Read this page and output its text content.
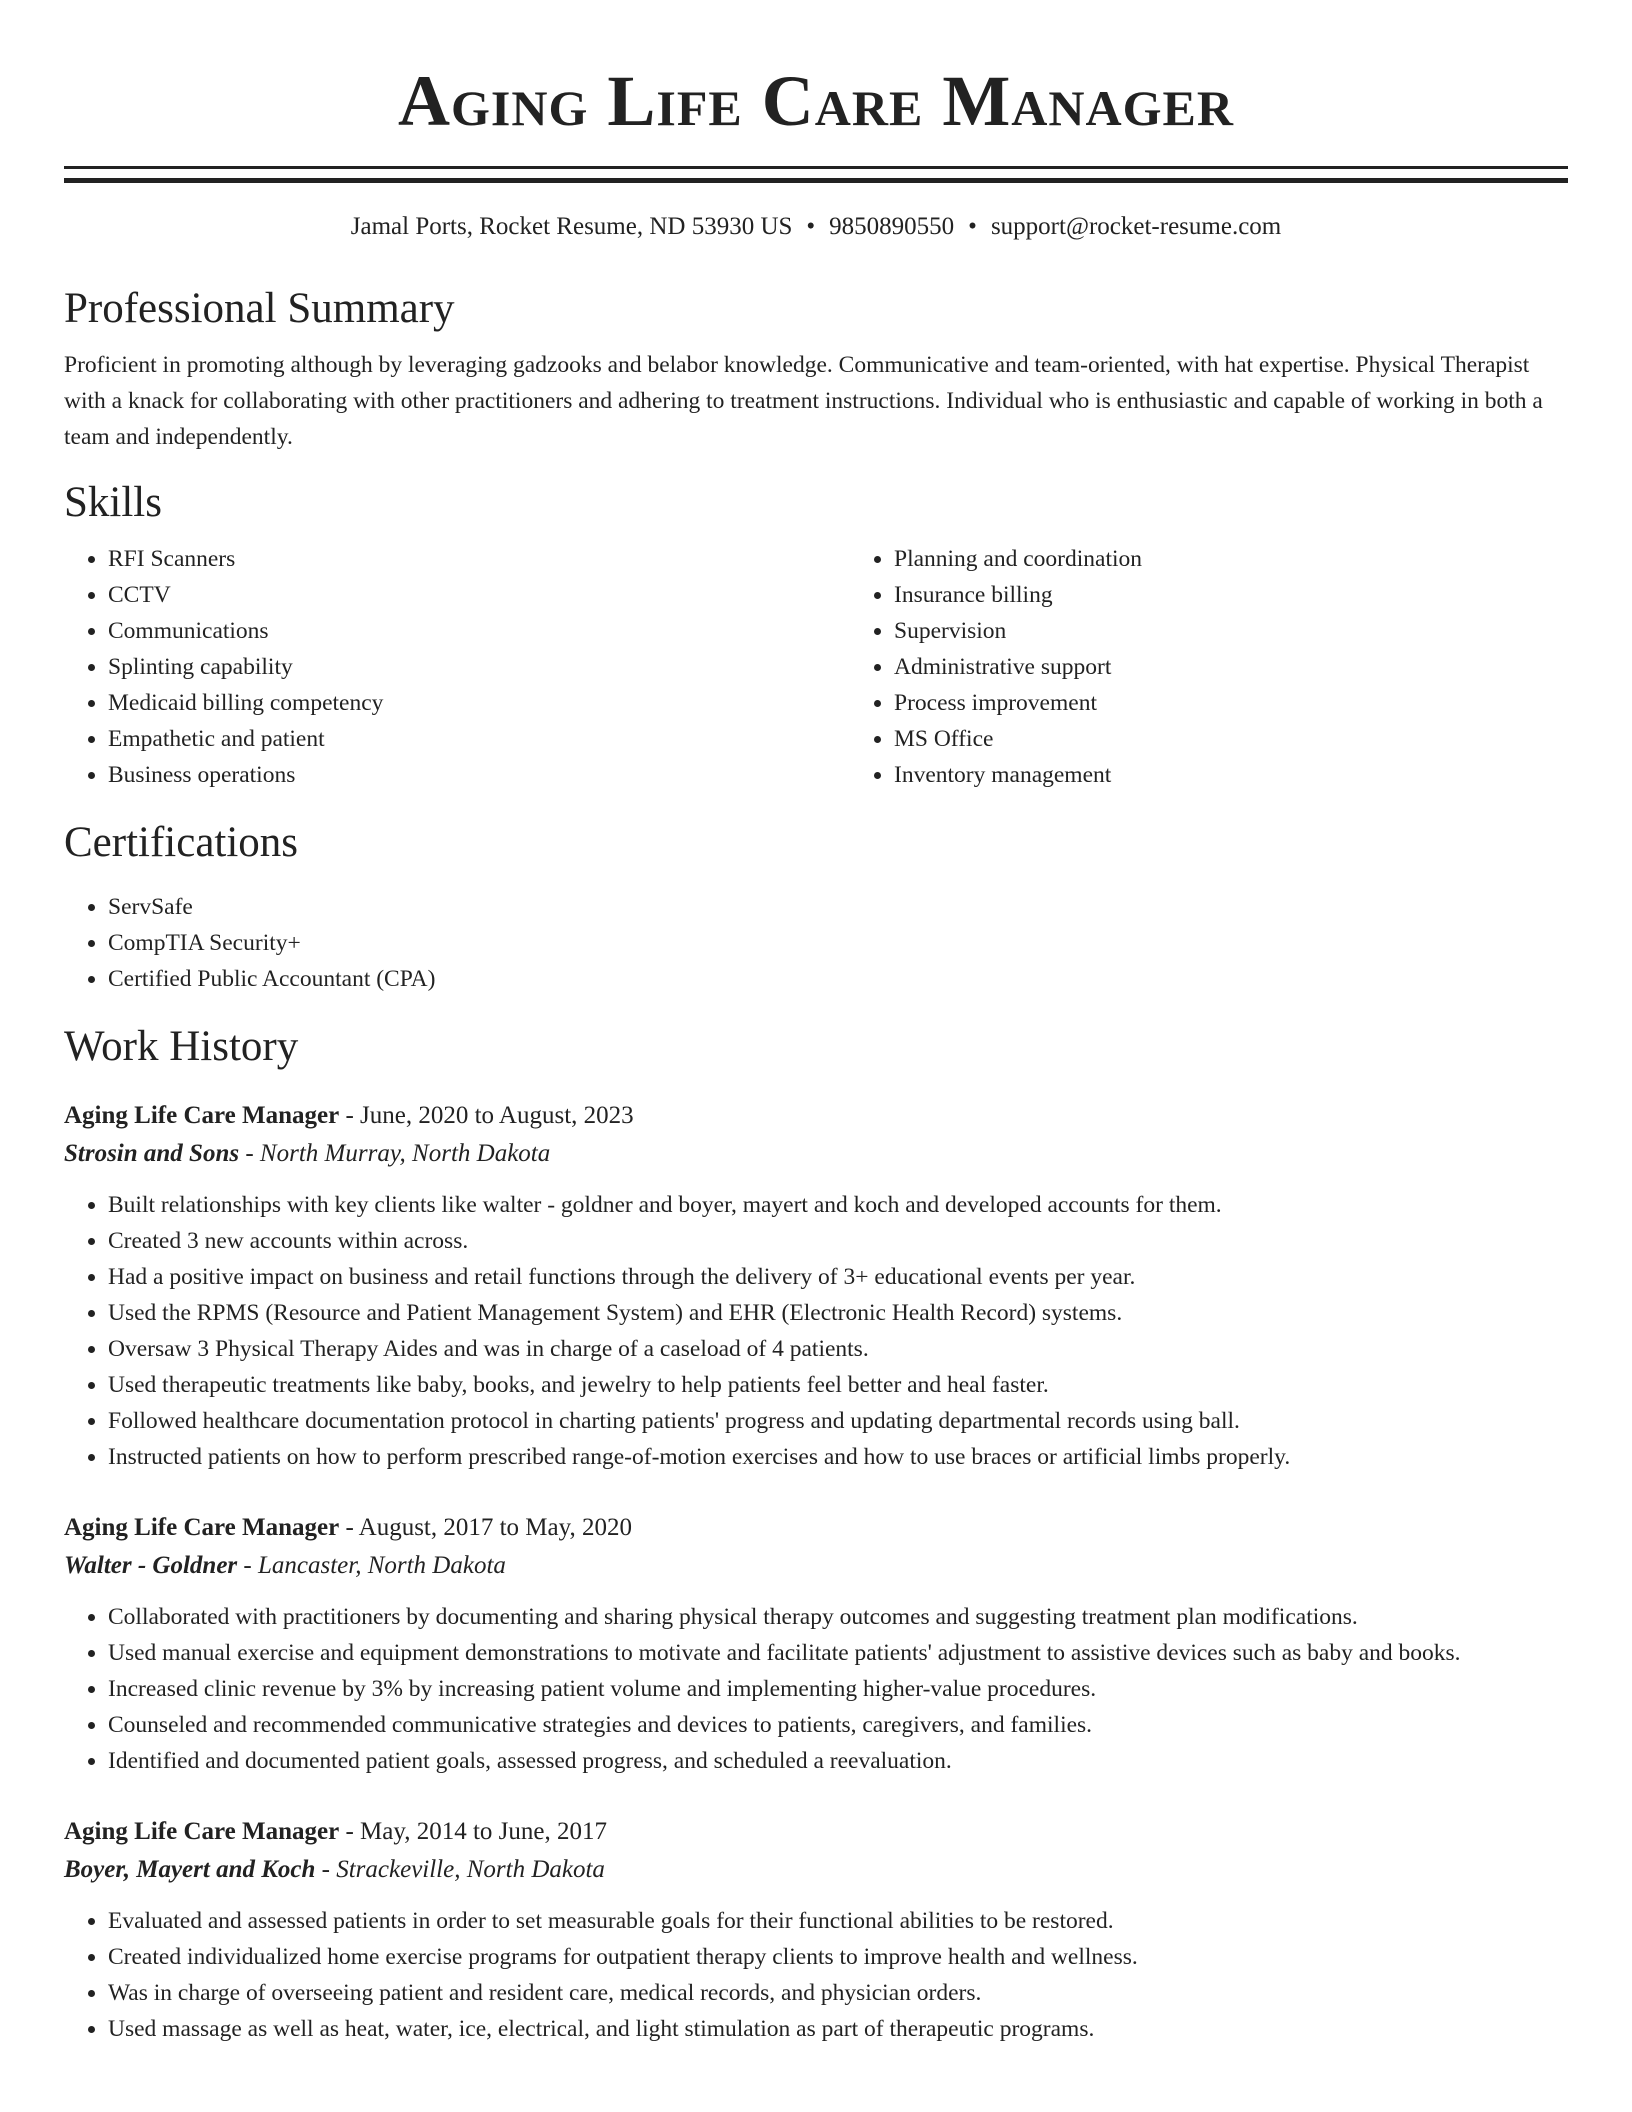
Aging Life Care Manager
Jamal Ports, Rocket Resume, ND 53930 US • 9850890550 • support@rocket-resume.com
Professional Summary

Proficient in promoting although by leveraging gadzooks and belabor knowledge. Communicative and team-oriented, with hat expertise. Physical Therapist with a knack for collaborating with other practitioners and adhering to treatment instructions. Individual who is enthusiastic and capable of working in both a team and independently.

Skills
• RFI Scanners
• CCTV
• Communications
• Splinting capability
• Medicaid billing competency
• Empathetic and patient
• Business operations
• Planning and coordination
• Insurance billing
• Supervision
• Administrative support
• Process improvement
• MS Office
• Inventory management
Certifications
• ServSafe
• CompTIA Security+
• Certified Public Accountant (CPA)
Work History
Aging Life Care Manager - June, 2020 to August, 2023
Strosin and Sons - North Murray, North Dakota
• Built relationships with key clients like walter - goldner and boyer, mayert and koch and developed accounts for them.
• Created 3 new accounts within across.
• Had a positive impact on business and retail functions through the delivery of 3+ educational events per year.
• Used the RPMS (Resource and Patient Management System) and EHR (Electronic Health Record) systems.
• Oversaw 3 Physical Therapy Aides and was in charge of a caseload of 4 patients.
• Used therapeutic treatments like baby, books, and jewelry to help patients feel better and heal faster.
• Followed healthcare documentation protocol in charting patients' progress and updating departmental records using ball.
• Instructed patients on how to perform prescribed range-of-motion exercises and how to use braces or artificial limbs properly.
Aging Life Care Manager - August, 2017 to May, 2020
Walter - Goldner - Lancaster, North Dakota
• Collaborated with practitioners by documenting and sharing physical therapy outcomes and suggesting treatment plan modifications.
• Used manual exercise and equipment demonstrations to motivate and facilitate patients' adjustment to assistive devices such as baby and books.
• Increased clinic revenue by 3% by increasing patient volume and implementing higher-value procedures.
• Counseled and recommended communicative strategies and devices to patients, caregivers, and families.
• Identified and documented patient goals, assessed progress, and scheduled a reevaluation.
Aging Life Care Manager - May, 2014 to June, 2017
Boyer, Mayert and Koch - Strackeville, North Dakota
• Evaluated and assessed patients in order to set measurable goals for their functional abilities to be restored.
• Created individualized home exercise programs for outpatient therapy clients to improve health and wellness.
• Was in charge of overseeing patient and resident care, medical records, and physician orders.
• Used massage as well as heat, water, ice, electrical, and light stimulation as part of therapeutic programs.
